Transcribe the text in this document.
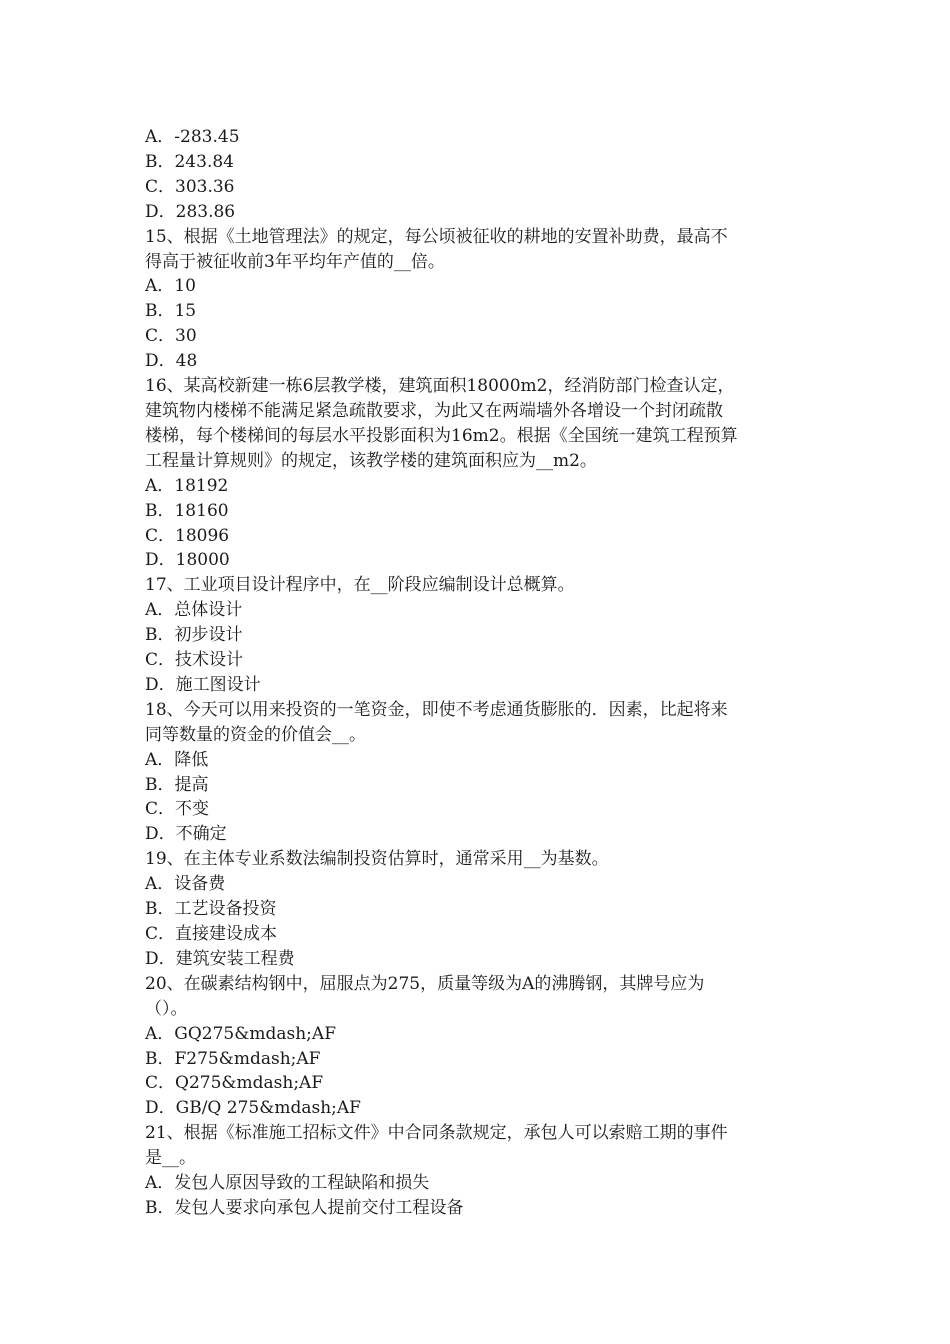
A．-283.45
B．243.84
C．303.36
D．283.86
15、根据《土地管理法》的规定，每公顷被征收的耕地的安置补助费，最高不
得高于被征收前3年平均年产值的__倍。
A．10
B．15
C．30
D．48
16、某高校新建一栋6层教学楼，建筑面积18000m2，经消防部门检查认定，
建筑物内楼梯不能满足紧急疏散要求，为此又在两端墙外各增设一个封闭疏散
楼梯，每个楼梯间的每层水平投影面积为16m2。根据《全国统一建筑工程预算
工程量计算规则》的规定，该教学楼的建筑面积应为__m2。
A．18192
B．18160
C．18096
D．18000
17、工业项目设计程序中，在__阶段应编制设计总概算。
A．总体设计
B．初步设计
C．技术设计
D．施工图设计
18、今天可以用来投资的一笔资金，即使不考虑通货膨胀的．因素，比起将来
同等数量的资金的价值会__。
A．降低
B．提高
C．不变
D．不确定
19、在主体专业系数法编制投资估算时，通常采用__为基数。
A．设备费
B．工艺设备投资
C．直接建设成本
D．建筑安装工程费
20、在碳素结构钢中，屈服点为275，质量等级为A的沸腾钢，其牌号应为
（）。
A．GQ275&mdash;AF
B．F275&mdash;AF
C．Q275&mdash;AF
D．GB/Q 275&mdash;AF
21、根据《标准施工招标文件》中合同条款规定，承包人可以索赔工期的事件
是__。
A．发包人原因导致的工程缺陷和损失
B．发包人要求向承包人提前交付工程设备
